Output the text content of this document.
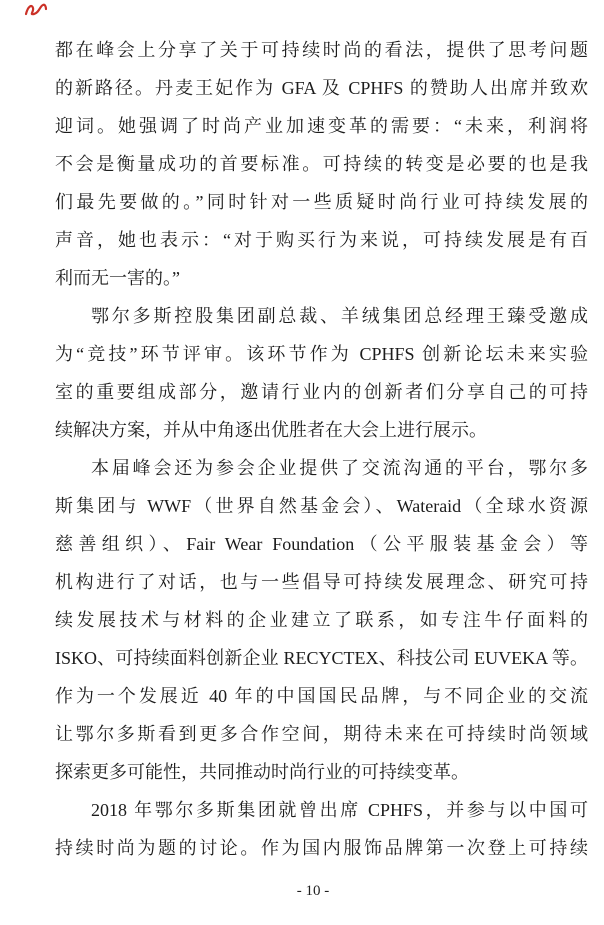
都在峰会上分享了关于可持续时尚的看法，提供了思考问题
的新路径。丹麦王妃作为 GFA 及 CPHFS 的赞助人出席并致欢
迎词。她强调了时尚产业加速变革的需要：“未来，利润将
不会是衡量成功的首要标准。可持续的转变是必要的也是我
们最先要做的。”同时针对一些质疑时尚行业可持续发展的
声音，她也表示：“对于购买行为来说，可持续发展是有百
利而无一害的。”
鄂尔多斯控股集团副总裁、羊绒集团总经理王臻受邀成
为“竞技”环节评审。该环节作为 CPHFS 创新论坛未来实验
室的重要组成部分，邀请行业内的创新者们分享自己的可持
续解决方案，并从中角逐出优胜者在大会上进行展示。
本届峰会还为参会企业提供了交流沟通的平台，鄂尔多
斯集团与 WWF（世界自然基金会）、Wateraid（全球水资源
慈善组织）、Fair Wear Foundation（公平服装基金会）等
机构进行了对话，也与一些倡导可持续发展理念、研究可持
续发展技术与材料的企业建立了联系，如专注牛仔面料的
ISKO、可持续面料创新企业 RECYCTEX、科技公司 EUVEKA 等。
作为一个发展近 40 年的中国国民品牌，与不同企业的交流
让鄂尔多斯看到更多合作空间，期待未来在可持续时尚领域
探索更多可能性，共同推动时尚行业的可持续变革。
2018 年鄂尔多斯集团就曾出席 CPHFS，并参与以中国可
持续时尚为题的讨论。作为国内服饰品牌第一次登上可持续
- 10 -
